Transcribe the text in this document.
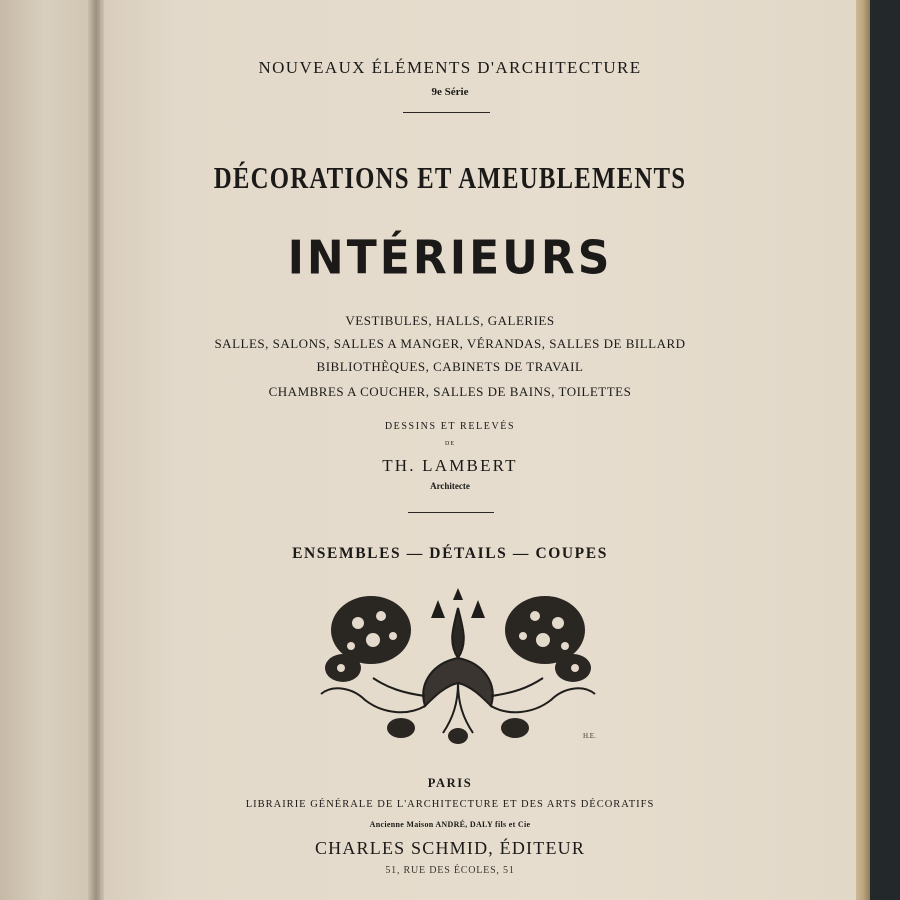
NOUVEAUX ÉLÉMENTS D'ARCHITECTURE
9e Série
DÉCORATIONS ET AMEUBLEMENTS
INTÉRIEURS
VESTIBULES, HALLS, GALERIES
SALLES, SALONS, SALLES A MANGER, VÉRANDAS, SALLES DE BILLARD
BIBLIOTHÈQUES, CABINETS DE TRAVAIL
CHAMBRES A COUCHER, SALLES DE BAINS, TOILETTES
DESSINS ET RELEVÉS
DE
TH. LAMBERT
Architecte
ENSEMBLES — DÉTAILS — COUPES
H.E.
PARIS
LIBRAIRIE GÉNÉRALE DE L'ARCHITECTURE ET DES ARTS DÉCORATIFS
Ancienne Maison ANDRÉ, DALY fils et Cie
CHARLES SCHMID, ÉDITEUR
51, RUE DES ÉCOLES, 51
